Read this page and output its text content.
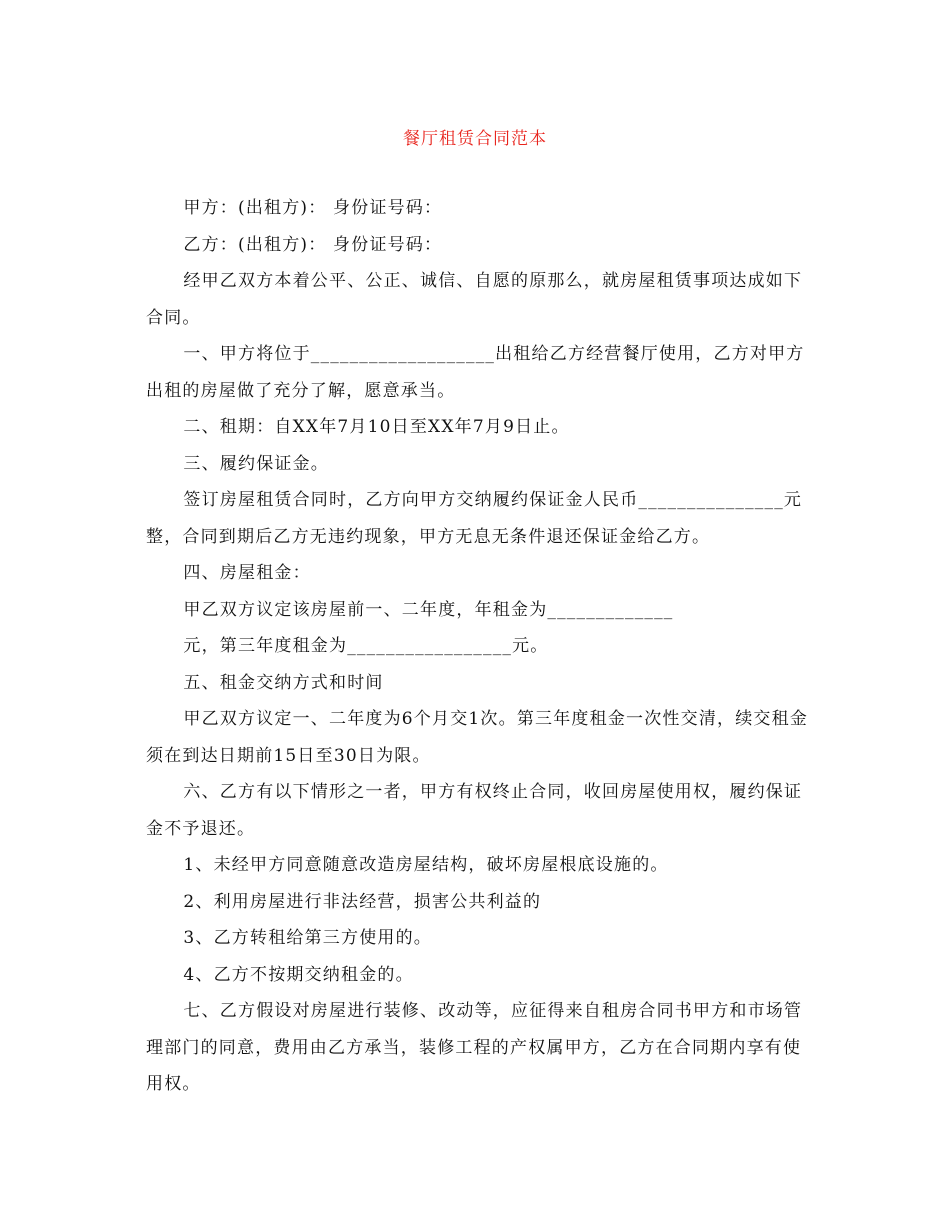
餐厅租赁合同范本

甲方：(出租方)： 身份证号码：

乙方：(出租方)： 身份证号码：

经甲乙双方本着公平、公正、诚信、自愿的原那么，就房屋租赁事项达成如下合同。

一、甲方将位于___________________出租给乙方经营餐厅使用，乙方对甲方出租的房屋做了充分了解，愿意承当。

二、租期：自XX年7月10日至XX年7月9日止。

三、履约保证金。

签订房屋租赁合同时，乙方向甲方交纳履约保证金人民币_______________元整，合同到期后乙方无违约现象，甲方无息无条件退还保证金给乙方。

四、房屋租金：

甲乙双方议定该房屋前一、二年度，年租金为_____________

元，第三年度租金为_________________元。

五、租金交纳方式和时间

甲乙双方议定一、二年度为6个月交1次。第三年度租金一次性交清，续交租金须在到达日期前15日至30日为限。

六、乙方有以下情形之一者，甲方有权终止合同，收回房屋使用权，履约保证金不予退还。

1、未经甲方同意随意改造房屋结构，破坏房屋根底设施的。

2、利用房屋进行非法经营，损害公共利益的

3、乙方转租给第三方使用的。

4、乙方不按期交纳租金的。

七、乙方假设对房屋进行装修、改动等，应征得来自租房合同书甲方和市场管理部门的同意，费用由乙方承当，装修工程的产权属甲方，乙方在合同期内享有使用权。
